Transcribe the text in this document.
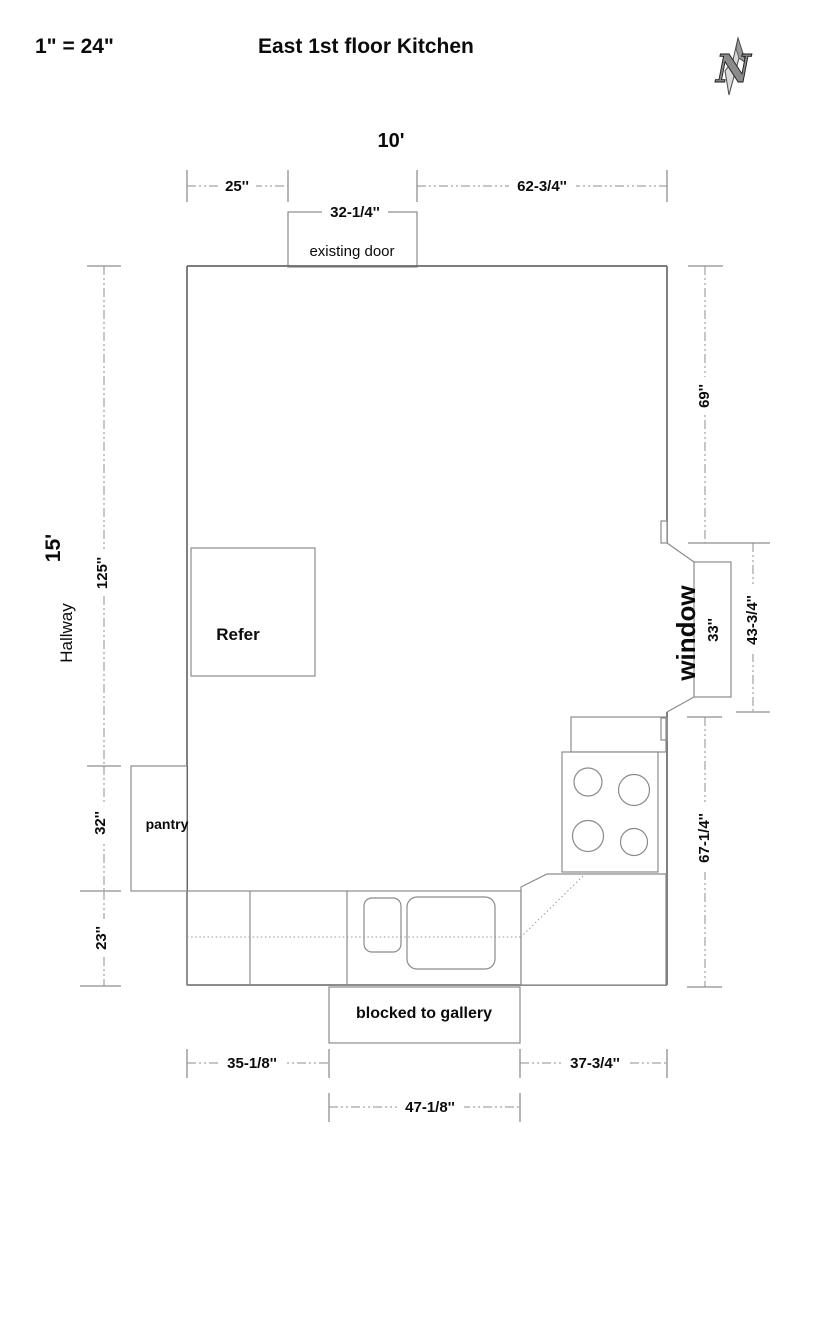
1" = 24"	East 1st floor Kitchen	N
10'
25''	62-3/4''
32-1/4''
existing door
125''
32''
23''
15'
Hallway
69''
43-3/4''
67-1/4''
window 33''
Refer
pantry
blocked to gallery
35-1/8''	37-3/4''
47-1/8''
